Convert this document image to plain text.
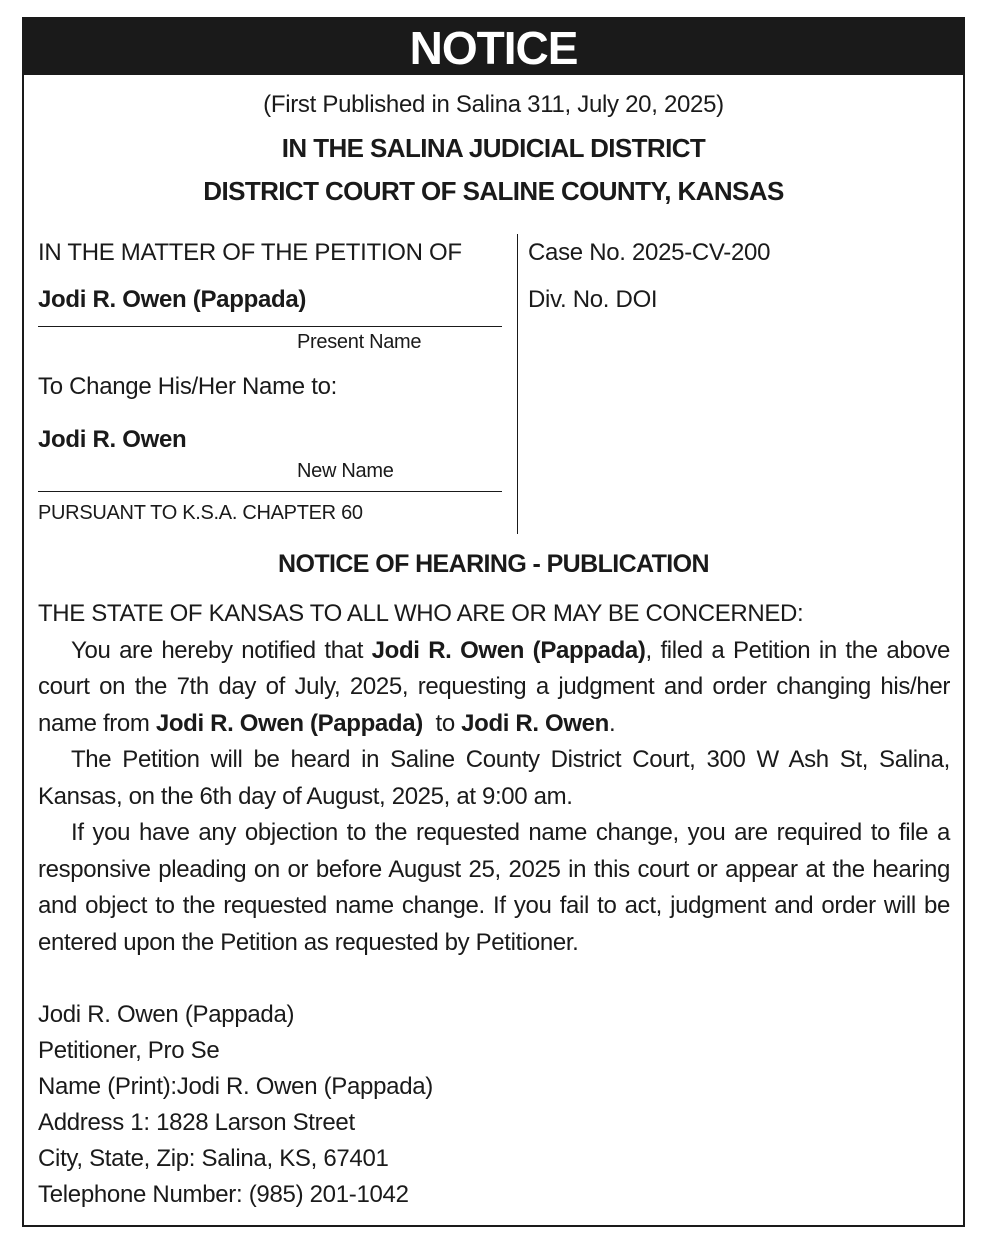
NOTICE
(First Published in Salina 311, July 20, 2025)
IN THE SALINA JUDICIAL DISTRICT
DISTRICT COURT OF SALINE COUNTY, KANSAS
IN THE MATTER OF THE PETITION OF
Jodi R. Owen (Pappada)
Present Name
To Change His/Her Name to:
Jodi R. Owen
New Name
PURSUANT TO K.S.A. CHAPTER 60
Case No. 2025-CV-200
Div. No. DOI
NOTICE OF HEARING - PUBLICATION

THE STATE OF KANSAS TO ALL WHO ARE OR MAY BE CONCERNED:

You are hereby notified that Jodi R. Owen (Pappada), filed a Petition in the above court on the 7th day of July, 2025, requesting a judgment and order changing his/her name from Jodi R. Owen (Pappada)  to Jodi R. Owen.

The Petition will be heard in Saline County District Court, 300 W Ash St, Salina, Kansas, on the 6th day of August, 2025, at 9:00 am.

If you have any objection to the requested name change, you are required to file a responsive pleading on or before August 25, 2025 in this court or appear at the hearing and object to the requested name change. If you fail to act, judgment and order will be entered upon the Petition as requested by Petitioner.

Jodi R. Owen (Pappada)
Petitioner, Pro Se
Name (Print):Jodi R. Owen (Pappada)
Address 1: 1828 Larson Street
City, State, Zip: Salina, KS, 67401
Telephone Number: (985) 201-1042
